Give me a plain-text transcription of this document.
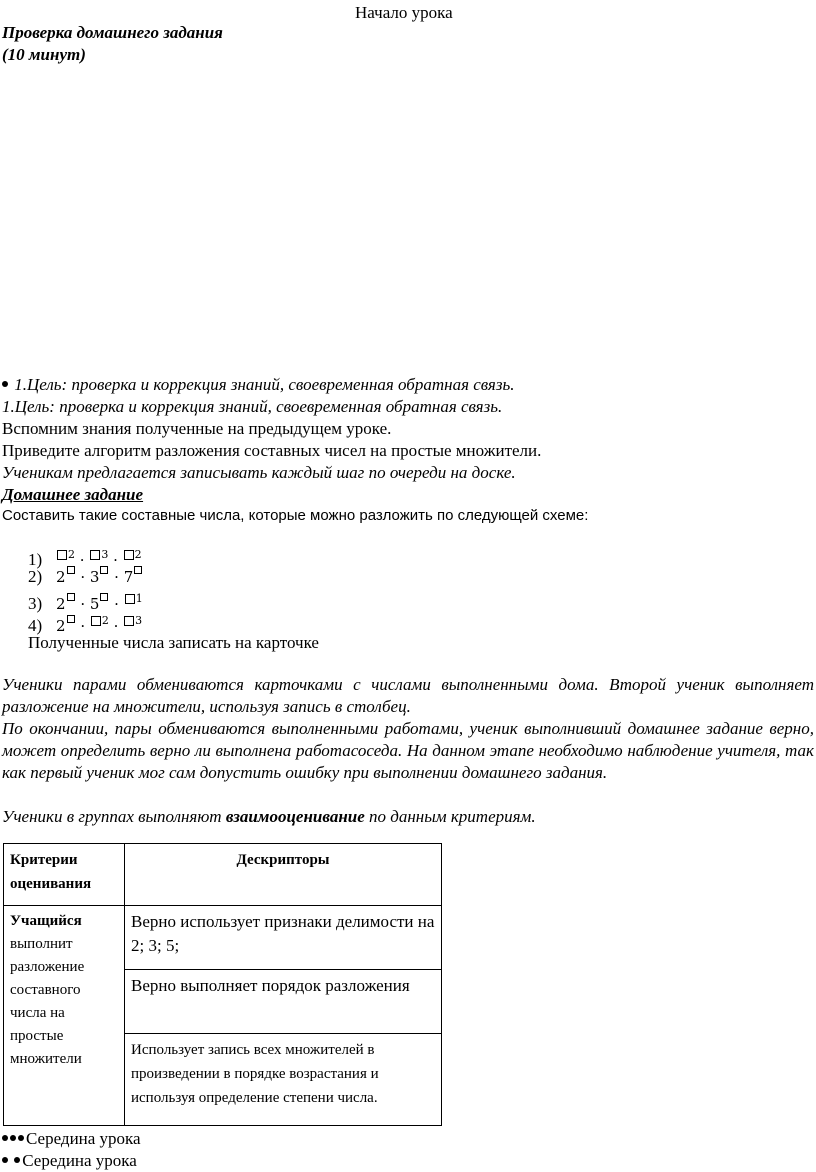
Начало урока
Проверка домашнего задания
(10 минут)
1.Цель: проверка и коррекция знаний, своевременная обратная связь.
1.Цель: проверка и коррекция знаний, своевременная обратная связь.
Вспомним знания полученные на предыдущем уроке.
Приведите алгоритм разложения составных чисел на простые множители.
Ученикам предлагается записывать каждый шаг по очереди на доске.
Домашнее задание
Составить такие составные числа, которые можно разложить по следующей схеме:
1) $^2$ · $^3$ · $^2$
2) 2 · 3 · 7
3) 2 · 5 · $^1$
4) 2 · $^2$ · $^3$
Полученные числа записать на карточке
Ученики парами обмениваются карточками с числами выполненными дома. Второй ученик выполняет разложение на множители, используя запись в столбец.
По окончании, пары обмениваются выполненными работами, ученик выполнивший домашнее задание верно, может определить верно ли выполнена работасоседа. На данном этапе необходимо наблюдение учителя, так как первый ученик мог сам допустить ошибку при выполнении домашнего задания.
Ученики в группах выполняют взаимооценивание по данным критериям.
Критерии оценивания	Дескрипторы
Учащийся
выполнит разложение составного числа на простые множители	Верно использует признаки делимости на 2; 3; 5;
	Верно выполняет порядок разложения
	Использует запись всех множителей в произведении в порядке возрастания и используя определение степени числа.
Середина урока
Середина урока
